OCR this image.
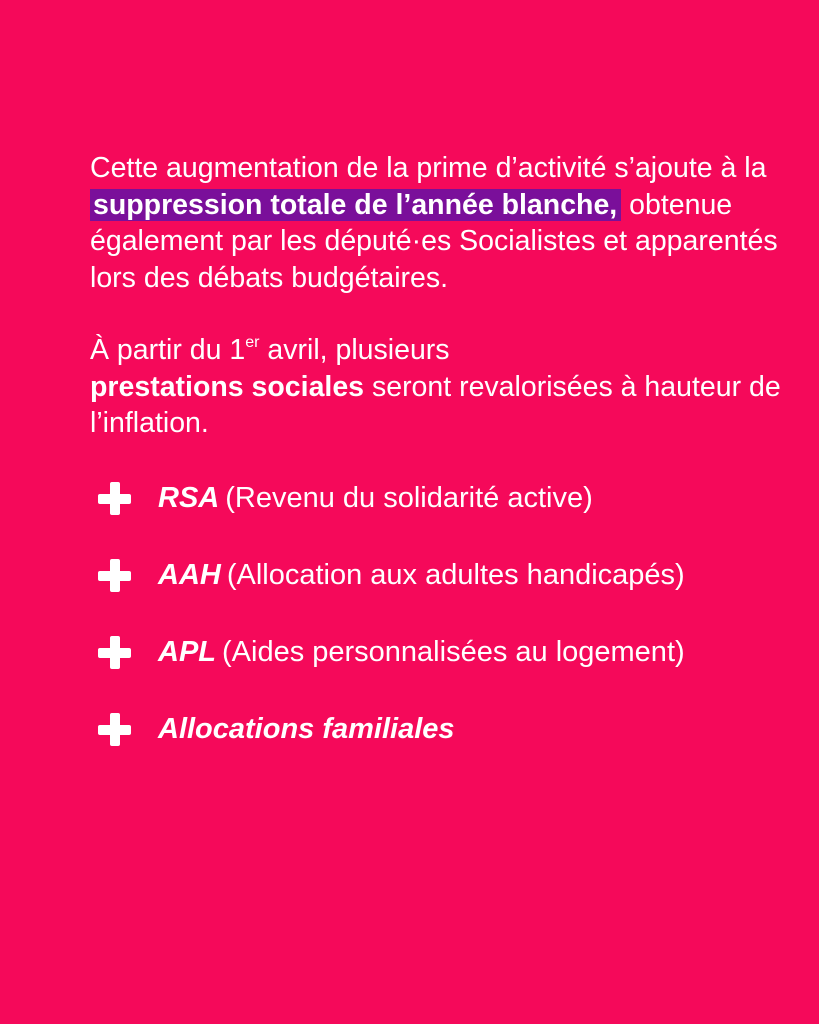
Cette augmentation de la prime d’activité s’ajoute à la suppression totale de l’année blanche, obtenue également par les député·es Socialistes et apparentés lors des débats budgétaires.

À partir du 1er avril, plusieurs
prestations sociales seront revalorisées à hauteur de l’inflation.

RSA (Revenu du solidarité active)
AAH (Allocation aux adultes handicapés)
APL (Aides personnalisées au logement)
Allocations familiales
